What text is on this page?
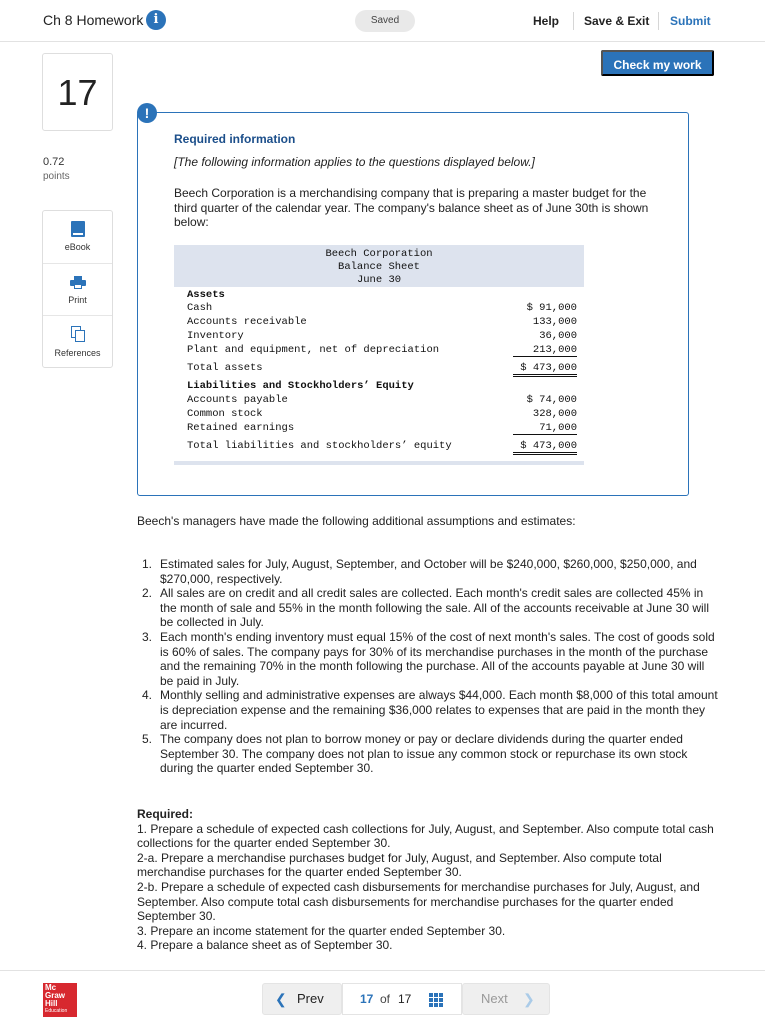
Ch 8 Homework i	Saved	Help Save & Exit Submit
Check my work
17
0.72
points
eBook
Print
References
Required information
[The following information applies to the questions displayed below.]
Beech Corporation is a merchandising company that is preparing a master budget for the third quarter of the calendar year. The company's balance sheet as of June 30th is shown below:
Beech Corporation
Balance Sheet
June 30
Assets
Cash	$ 91,000
Accounts receivable	133,000
Inventory	36,000
Plant and equipment, net of depreciation	213,000
Total assets	$ 473,000
Liabilities and Stockholders’ Equity
Accounts payable	$ 74,000
Common stock	328,000
Retained earnings	71,000
Total liabilities and stockholders’ equity	$ 473,000
!
Beech's managers have made the following additional assumptions and estimates:
1. Estimated sales for July, August, September, and October will be $240,000, $260,000, $250,000, and $270,000, respectively.
2. All sales are on credit and all credit sales are collected. Each month's credit sales are collected 45% in the month of sale and 55% in the month following the sale. All of the accounts receivable at June 30 will be collected in July.
3. Each month's ending inventory must equal 15% of the cost of next month's sales. The cost of goods sold is 60% of sales. The company pays for 30% of its merchandise purchases in the month of the purchase and the remaining 70% in the month following the purchase. All of the accounts payable at June 30 will be paid in July.
4. Monthly selling and administrative expenses are always $44,000. Each month $8,000 of this total amount is depreciation expense and the remaining $36,000 relates to expenses that are paid in the month they are incurred.
5. The company does not plan to borrow money or pay or declare dividends during the quarter ended September 30. The company does not plan to issue any common stock or repurchase its own stock during the quarter ended September 30.
Required:
1. Prepare a schedule of expected cash collections for July, August, and September. Also compute total cash collections for the quarter ended September 30.
2-a. Prepare a merchandise purchases budget for July, August, and September. Also compute total merchandise purchases for the quarter ended September 30.
2-b. Prepare a schedule of expected cash disbursements for merchandise purchases for July, August, and September. Also compute total cash disbursements for merchandise purchases for the quarter ended September 30.
3. Prepare an income statement for the quarter ended September 30.
4. Prepare a balance sheet as of September 30.
Mc
Graw
Hill
Education
❮ Prev	17 of 17	Next ❯
